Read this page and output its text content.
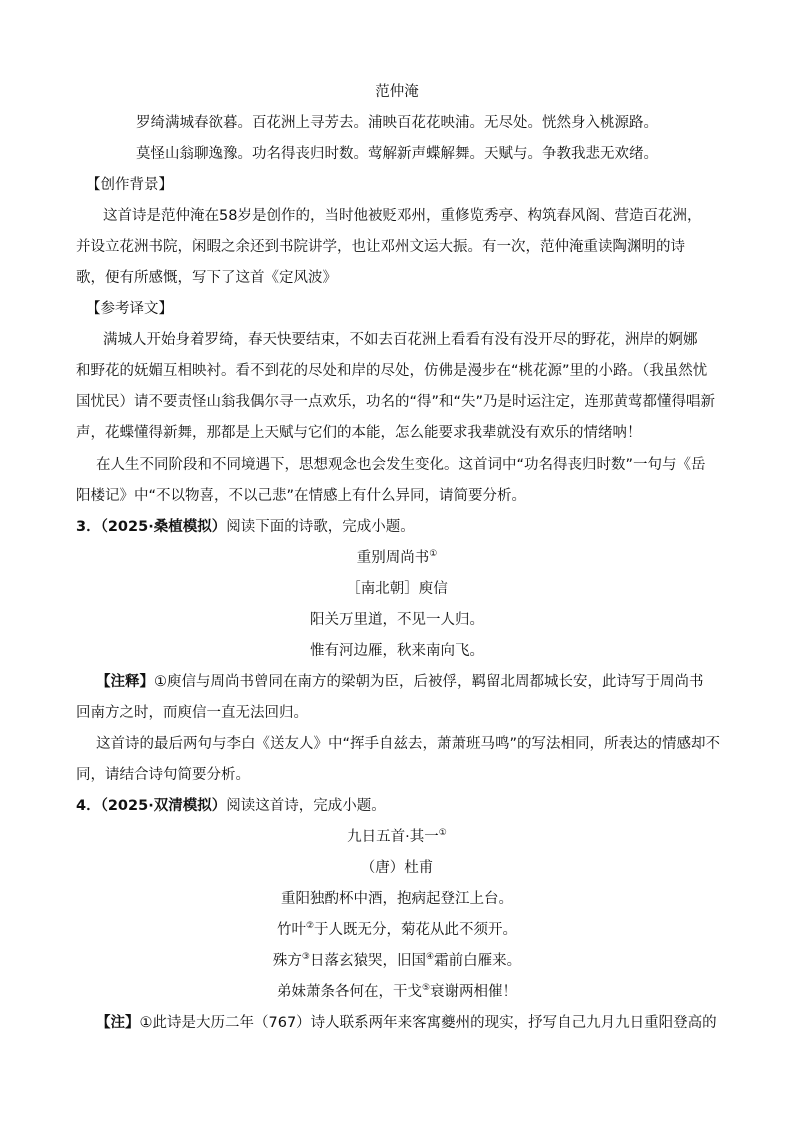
范仲淹
罗绮满城春欲暮。百花洲上寻芳去。浦映百花花映浦。无尽处。恍然身入桃源路。
莫怪山翁聊逸豫。功名得丧归时数。莺解新声蝶解舞。天赋与。争教我悲无欢绪。
【创作背景】
这首诗是范仲淹在58岁是创作的，当时他被贬邓州，重修览秀亭、构筑春风阁、营造百花洲，
并设立花洲书院，闲暇之余还到书院讲学，也让邓州文运大振。有一次，范仲淹重读陶渊明的诗
歌，便有所感慨，写下了这首《定风波》
【参考译文】
满城人开始身着罗绮，春天快要结束，不如去百花洲上看看有没有没开尽的野花，洲岸的婀娜
和野花的妩媚互相映衬。看不到花的尽处和岸的尽处，仿佛是漫步在“桃花源”里的小路。（我虽然忧
国忧民）请不要责怪山翁我偶尔寻一点欢乐，功名的“得”和“失”乃是时运注定，连那黄莺都懂得唱新
声，花蝶懂得新舞，那都是上天赋与它们的本能，怎么能要求我辈就没有欢乐的情绪呐！
在人生不同阶段和不同境遇下，思想观念也会发生变化。这首词中“功名得丧归时数”一句与《岳
阳楼记》中“不以物喜，不以己悲”在情感上有什么异同，请简要分析。
3．（2025·桑植模拟）阅读下面的诗歌，完成小题。
重别周尚书①
［南北朝］庾信
阳关万里道，不见一人归。
惟有河边雁，秋来南向飞。
【注释】①庾信与周尚书曾同在南方的梁朝为臣，后被俘，羁留北周都城长安，此诗写于周尚书
回南方之时，而庾信一直无法回归。
这首诗的最后两句与李白《送友人》中“挥手自兹去，萧萧班马鸣”的写法相同，所表达的情感却不
同，请结合诗句简要分析。
4．（2025·双清模拟）阅读这首诗，完成小题。
九日五首·其一①
（唐）杜甫
重阳独酌杯中酒，抱病起登江上台。
竹叶②于人既无分，菊花从此不须开。
殊方③日落玄猿哭，旧国④霜前白雁来。
弟妹萧条各何在，干戈⑤衰谢两相催！
【注】①此诗是大历二年（767）诗人联系两年来客寓夔州的现实，抒写自己九月九日重阳登高的
